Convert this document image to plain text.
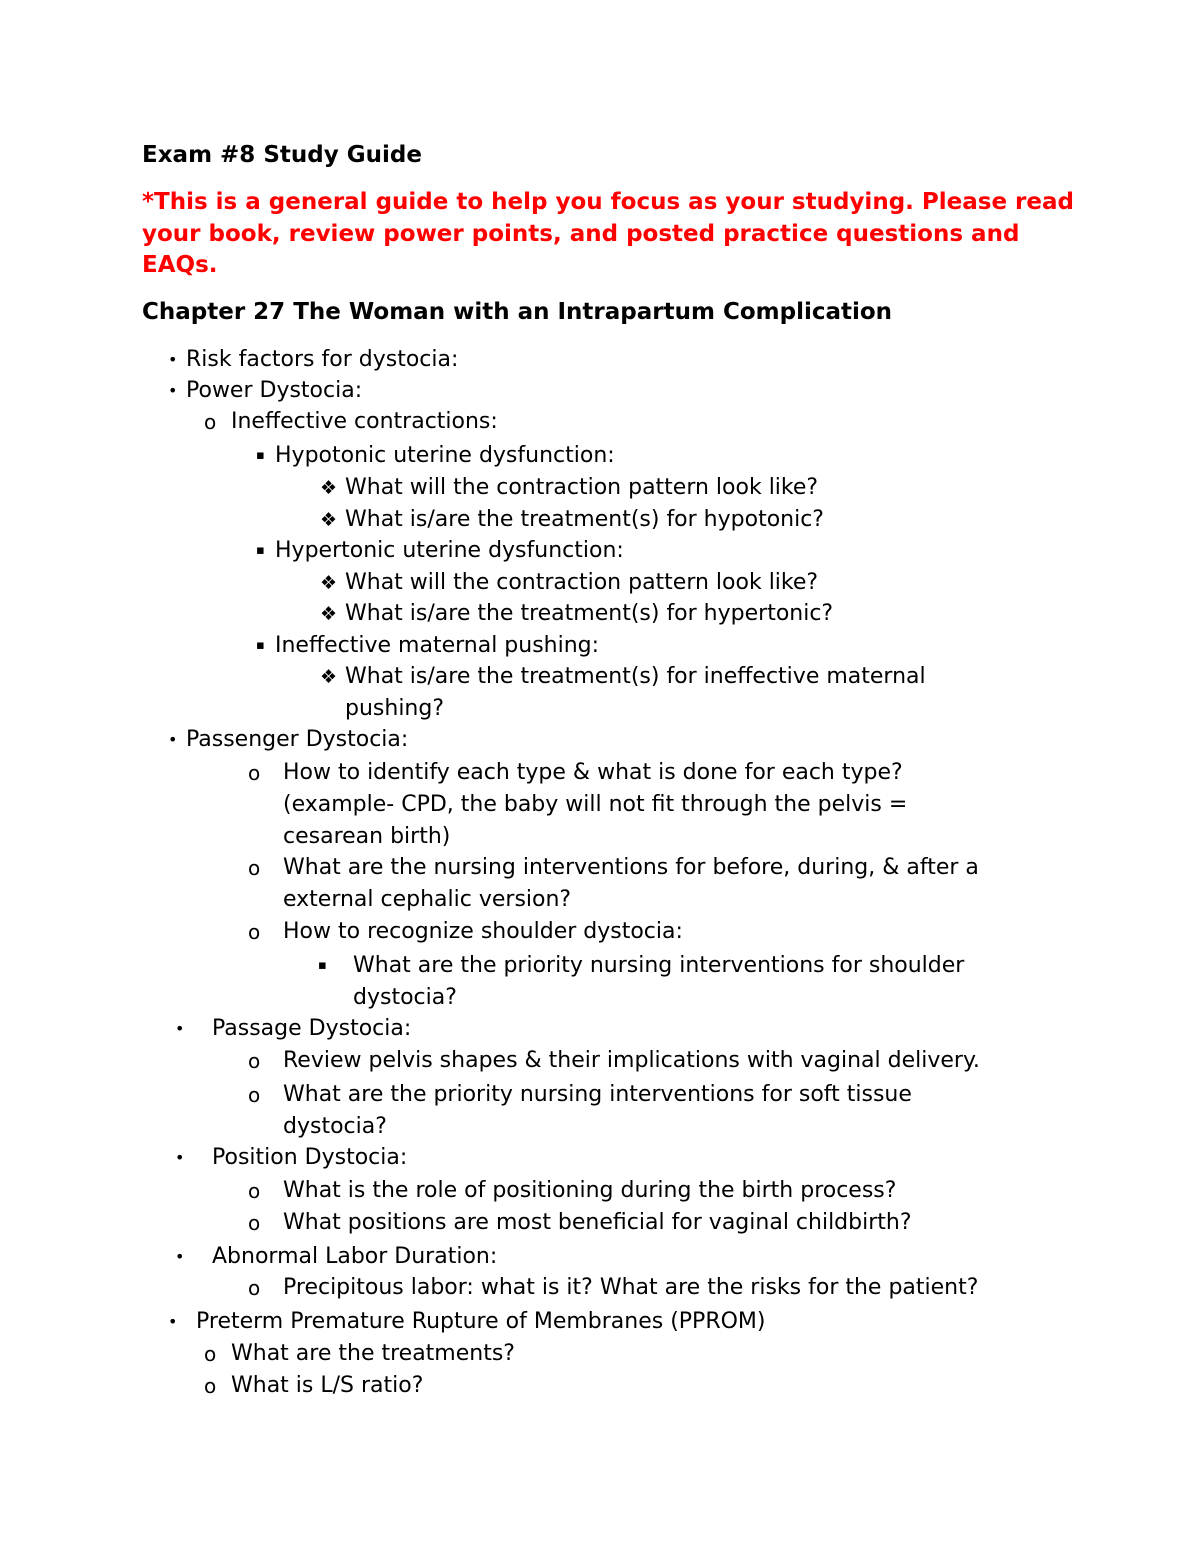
Exam #8 Study Guide
*This is a general guide to help you focus as your studying. Please read your book, review power points, and posted practice questions and EAQs.
Chapter 27 The Woman with an Intrapartum Complication
• Risk factors for dystocia:
• Power Dystocia:
o Ineffective contractions:
▪ Hypotonic uterine dysfunction:
❖ What will the contraction pattern look like?
❖ What is/are the treatment(s) for hypotonic?
▪ Hypertonic uterine dysfunction:
❖ What will the contraction pattern look like?
❖ What is/are the treatment(s) for hypertonic?
▪ Ineffective maternal pushing:
❖ What is/are the treatment(s) for ineffective maternal pushing?
• Passenger Dystocia:
o How to identify each type & what is done for each type? (example- CPD, the baby will not fit through the pelvis = cesarean birth)
o What are the nursing interventions for before, during, & after a external cephalic version?
o How to recognize shoulder dystocia:
▪ What are the priority nursing interventions for shoulder dystocia?
• Passage Dystocia:
o Review pelvis shapes & their implications with vaginal delivery.
o What are the priority nursing interventions for soft tissue dystocia?
• Position Dystocia:
o What is the role of positioning during the birth process?
o What positions are most beneficial for vaginal childbirth?
• Abnormal Labor Duration:
o Precipitous labor: what is it? What are the risks for the patient?
• Preterm Premature Rupture of Membranes (PPROM)
o What are the treatments?
o What is L/S ratio?
